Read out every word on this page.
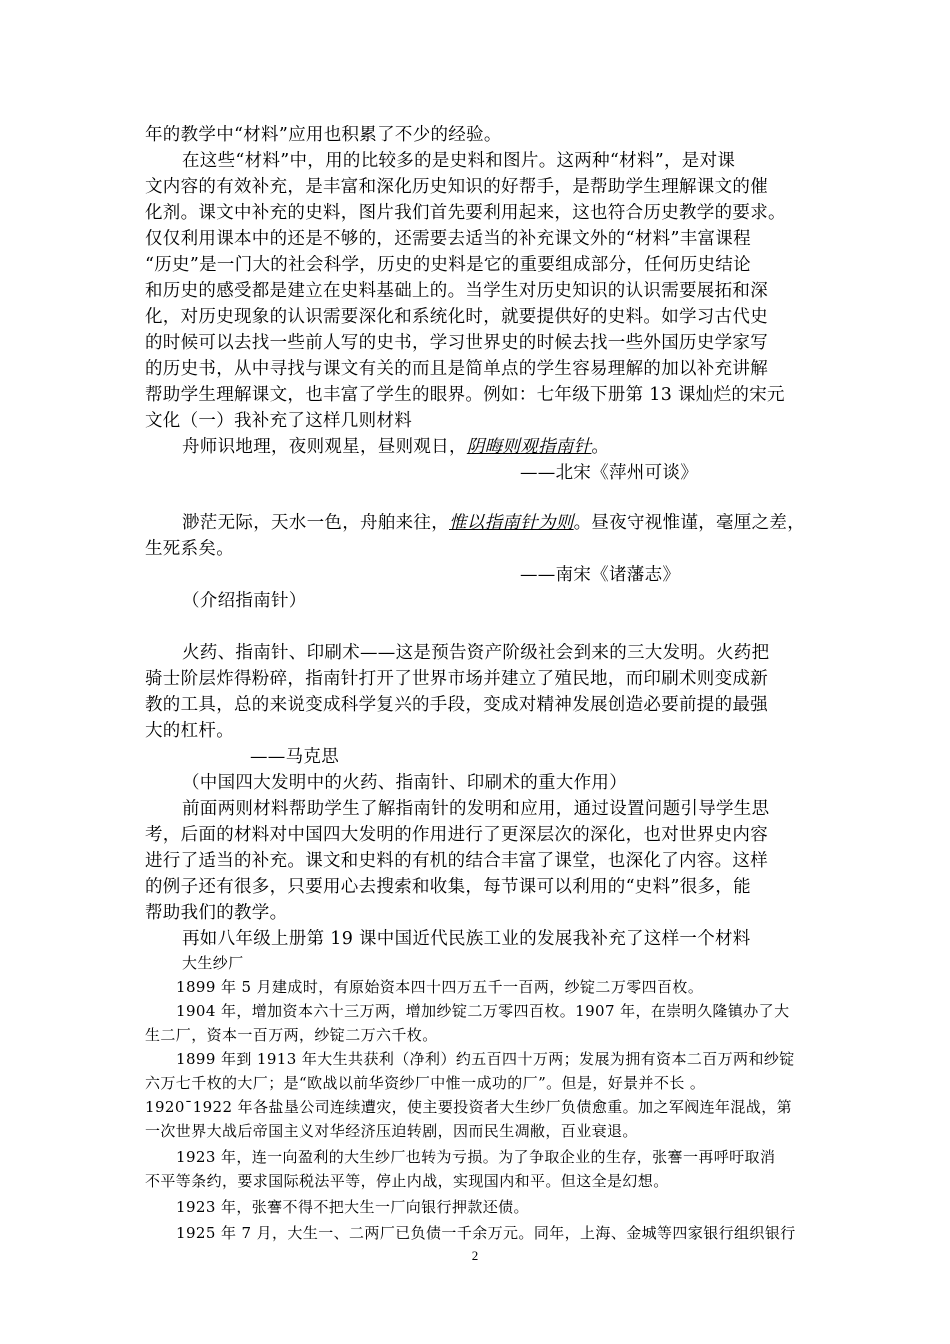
年的教学中“材料”应用也积累了不少的经验。
在这些“材料”中，用的比较多的是史料和图片。这两种“材料”，是对课
文内容的有效补充，是丰富和深化历史知识的好帮手，是帮助学生理解课文的催
化剂。课文中补充的史料，图片我们首先要利用起来，这也符合历史教学的要求。
仅仅利用课本中的还是不够的，还需要去适当的补充课文外的“材料”丰富课程
“历史”是一门大的社会科学，历史的史料是它的重要组成部分，任何历史结论
和历史的感受都是建立在史料基础上的。当学生对历史知识的认识需要展拓和深
化，对历史现象的认识需要深化和系统化时，就要提供好的史料。如学习古代史
的时候可以去找一些前人写的史书，学习世界史的时候去找一些外国历史学家写
的历史书，从中寻找与课文有关的而且是简单点的学生容易理解的加以补充讲解
帮助学生理解课文，也丰富了学生的眼界。例如：七年级下册第 13 课灿烂的宋元
文化（一）我补充了这样几则材料
舟师识地理，夜则观星，昼则观日，阴晦则观指南针。
——北宋《萍州可谈》
渺茫无际，天水一色，舟舶来往，惟以指南针为则。昼夜守视惟谨，毫厘之差，
生死系矣。
——南宋《诸藩志》
（介绍指南针）
火药、指南针、印刷术——这是预告资产阶级社会到来的三大发明。火药把
骑士阶层炸得粉碎，指南针打开了世界市场并建立了殖民地，而印刷术则变成新
教的工具，总的来说变成科学复兴的手段，变成对精神发展创造必要前提的最强
大的杠杆。
——马克思
（中国四大发明中的火药、指南针、印刷术的重大作用）
前面两则材料帮助学生了解指南针的发明和应用，通过设置问题引导学生思
考，后面的材料对中国四大发明的作用进行了更深层次的深化，也对世界史内容
进行了适当的补充。课文和史料的有机的结合丰富了课堂，也深化了内容。这样
的例子还有很多，只要用心去搜索和收集，每节课可以利用的“史料”很多，能
帮助我们的教学。
再如八年级上册第 19 课中国近代民族工业的发展我补充了这样一个材料
大生纱厂
1899 年 5 月建成时，有原始资本四十四万五千一百两，纱锭二万零四百枚。
1904 年，增加资本六十三万两，增加纱锭二万零四百枚。1907 年，在崇明久隆镇办了大
生二厂，资本一百万两，纱锭二万六千枚。
1899 年到 1913 年大生共获利（净利）约五百四十万两；发展为拥有资本二百万两和纱锭
六万七千枚的大厂；是“欧战以前华资纱厂中惟一成功的厂”。但是，好景并不长 。
1920¯1922 年各盐垦公司连续遭灾，使主要投资者大生纱厂负债愈重。加之军阀连年混战，第
一次世界大战后帝国主义对华经济压迫转剧，因而民生凋敝，百业衰退。
1923 年，连一向盈利的大生纱厂也转为亏损。为了争取企业的生存，张謇一再呼吁取消
不平等条约，要求国际税法平等，停止内战，实现国内和平。但这全是幻想。
1923 年，张謇不得不把大生一厂向银行押款还债。
1925 年 7 月，大生一、二两厂已负债一千余万元。同年，上海、金城等四家银行组织银行
2
